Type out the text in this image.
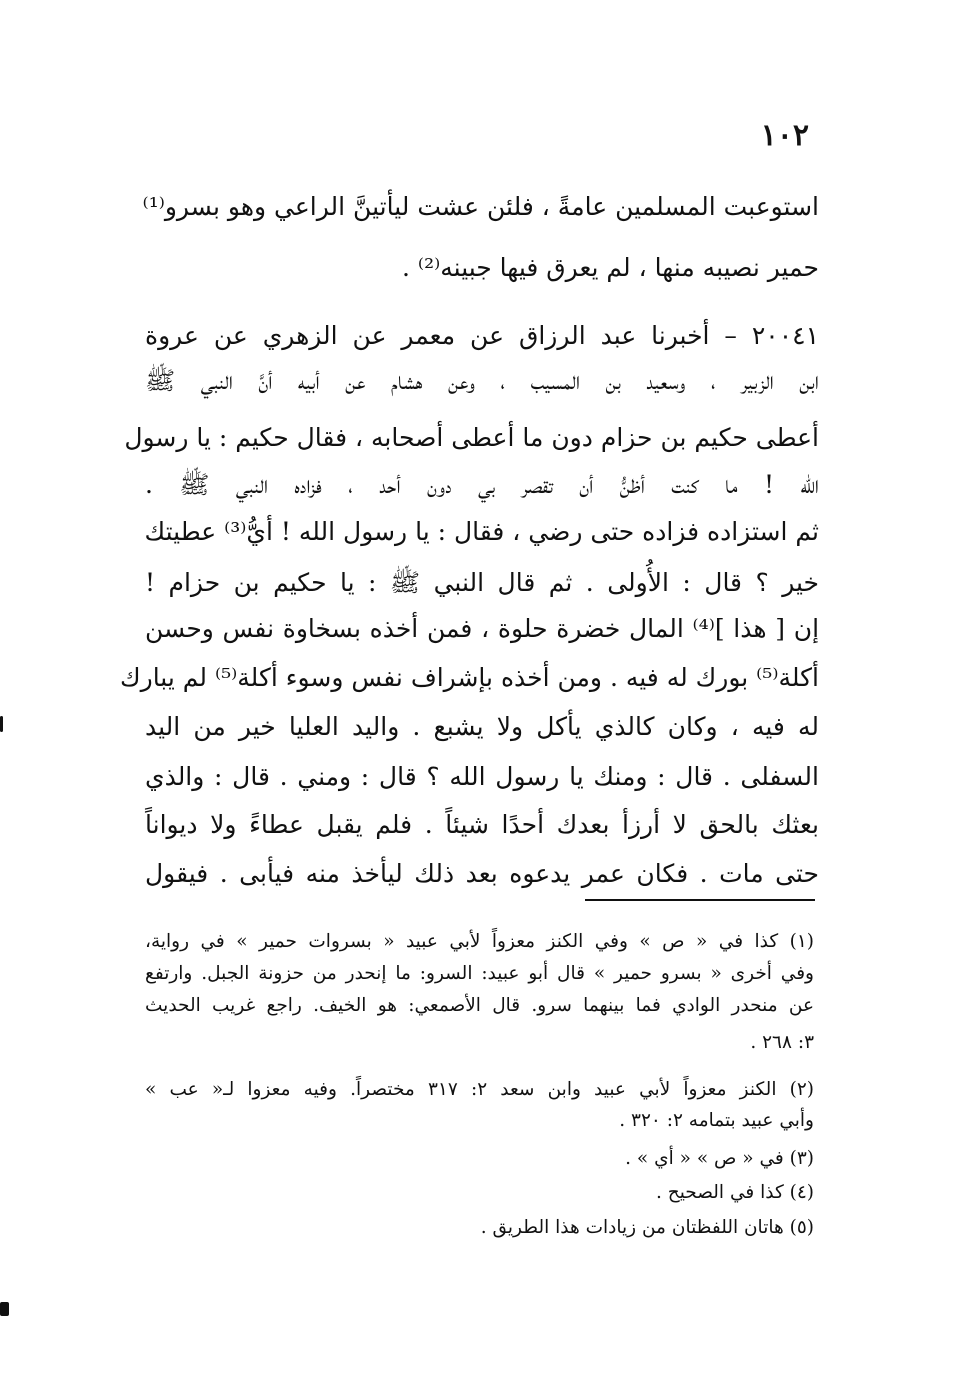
١٠٢
استوعبت المسلمين عامةً ، فلئن عشت ليأتينَّ الراعي وهو بسرو⁽¹⁾
حمير نصيبه منها ، لم يعرق فيها جبينه⁽²⁾ .
٢٠٠٤١ – أخبرنا عبد الرزاق عن معمر عن الزهري عن عروة
ابن الزبير ، وسعيد بن المسيب ، وعن هشام عن أبيه أنَّ النبي ﷺ
أعطى حكيم بن حزام دون ما أعطى أصحابه ، فقال حكيم : يا رسول
الله ! ما كنت أظنُّ أن تقصر بي دون أحد ، فزاده النبي ﷺ .
ثم استزاده فزاده حتى رضي ، فقال : يا رسول الله ! أيُّ⁽³⁾ عطيتك
خير ؟ قال : الأُولى . ثم قال النبي ﷺ : يا حكيم بن حزام !
إن [ هذا ]⁽⁴⁾ المال خضرة حلوة ، فمن أخذه بسخاوة نفس وحسن
أكلة⁽⁵⁾ بورك له فيه . ومن أخذه بإشراف نفس وسوء أكلة⁽⁵⁾ لم يبارك
له فيه ، وكان كالذي يأكل ولا يشبع . واليد العليا خير من اليد
السفلى . قال : ومنك يا رسول الله ؟ قال : ومني . قال : والذي
بعثك بالحق لا أرزأ بعدك أحدًا شيئاً . فلم يقبل عطاءً ولا ديواناً
حتى مات . فكان عمر يدعوه بعد ذلك ليأخذ منه فيأبى . فيقول
(١) كذا في « ص » وفي الكنز معزواً لأبي عبيد « بسروات حمير » في رواية،
وفي أخرى « بسرو حمير » قال أبو عبيد: السرو: ما إنحدر من حزونة الجبل. وارتفع
عن منحدر الوادي فما بينهما سرو. قال الأصمعي: هو الخيف. راجع غريب الحديث
٣: ٢٦٨ .
(٢) الكنز معزواً لأبي عبيد وابن سعد ٢: ٣١٧ مختصراً. وفيه معزوا لـ« عب »
وأبي عبيد بتمامه ٢: ٣٢٠ .
(٣) في « ص » « أي » .
(٤) كذا في الصحيح .
(٥) هاتان اللفظتان من زيادات هذا الطريق .
